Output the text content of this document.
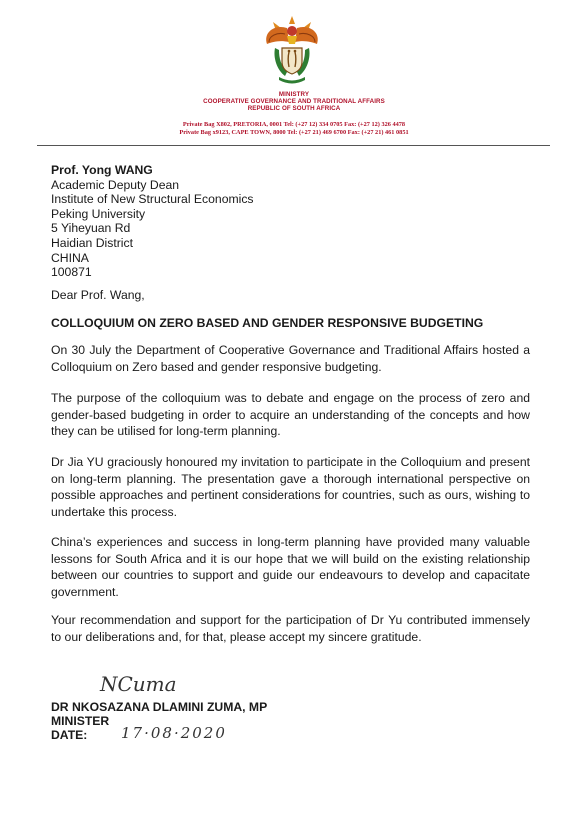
MINISTRY
COOPERATIVE GOVERNANCE AND TRADITIONAL AFFAIRS
REPUBLIC OF SOUTH AFRICA
Private Bag X802, PRETORIA, 0001 Tel: (+27 12) 334 0705 Fax: (+27 12) 326 4478
Private Bag x9123, CAPE TOWN, 8000 Tel: (+27 21) 469 6700 Fax: (+27 21) 461 0851
Prof. Yong WANG
Academic Deputy Dean
Institute of New Structural Economics
Peking University
5 Yiheyuan Rd
Haidian District
CHINA
100871
Dear Prof. Wang,
COLLOQUIUM ON ZERO BASED AND GENDER RESPONSIVE BUDGETING
On 30 July the Department of Cooperative Governance and Traditional Affairs hosted a Colloquium on Zero based and gender responsive budgeting.
The purpose of the colloquium was to debate and engage on the process of zero and gender-based budgeting in order to acquire an understanding of the concepts and how they can be utilised for long-term planning.
Dr Jia YU graciously honoured my invitation to participate in the Colloquium and present on long-term planning. The presentation gave a thorough international perspective on possible approaches and pertinent considerations for countries, such as ours, wishing to undertake this process.
China’s experiences and success in long-term planning have provided many valuable lessons for South Africa and it is our hope that we will build on the existing relationship between our countries to support and guide our endeavours to develop and capacitate government.
Your recommendation and support for the participation of Dr Yu contributed immensely to our deliberations and, for that, please accept my sincere gratitude.
NCuma
DR NKOSAZANA DLAMINI ZUMA, MP
MINISTER
DATE: 17·08·2020
